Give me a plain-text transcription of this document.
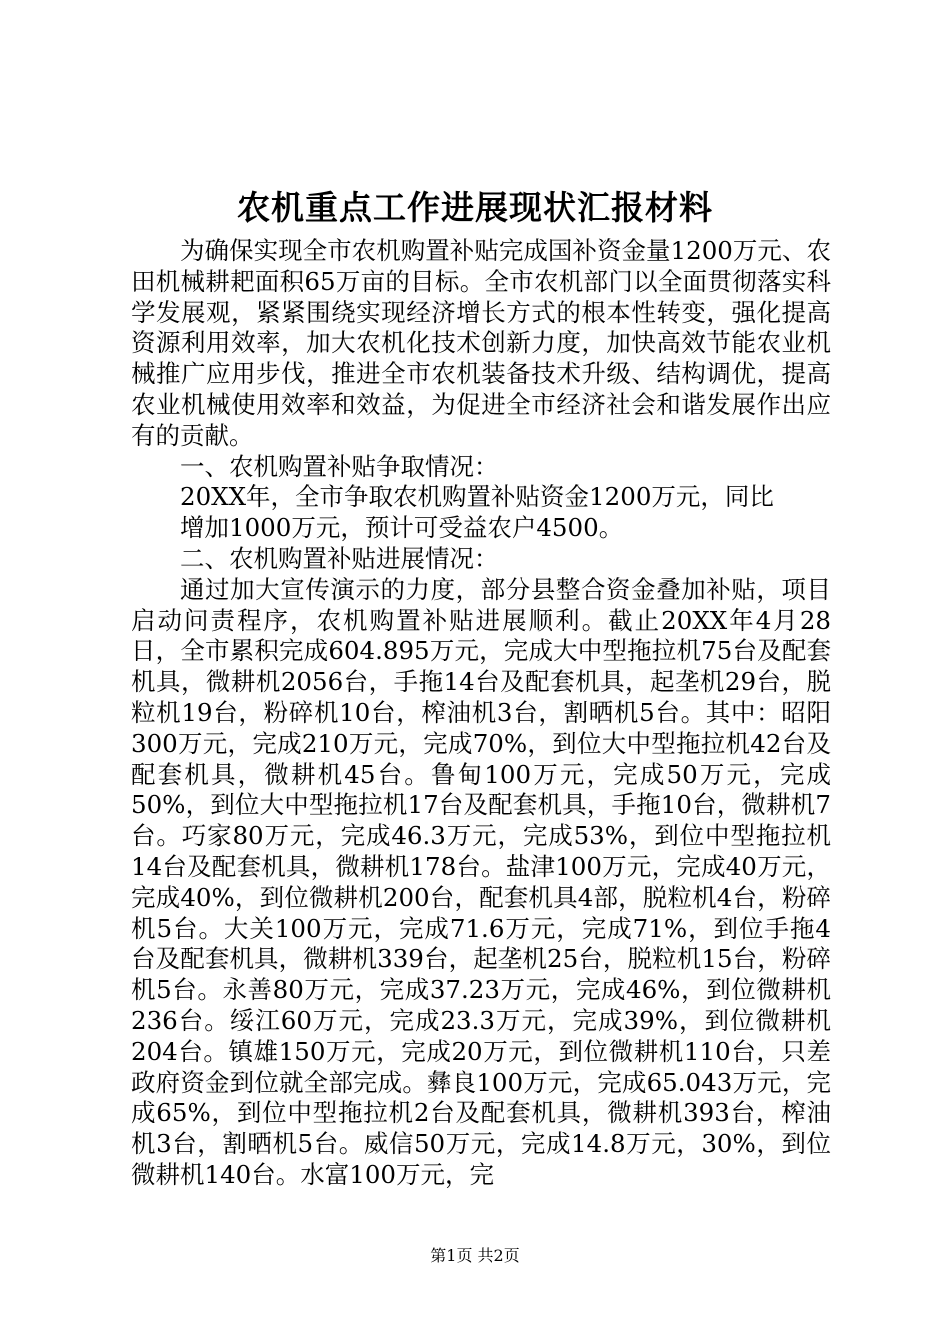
农机重点工作进展现状汇报材料

为确保实现全市农机购置补贴完成国补资金量1200万元、农田机械耕耙面积65万亩的目标。全市农机部门以全面贯彻落实科学发展观，紧紧围绕实现经济增长方式的根本性转变，强化提高资源利用效率，加大农机化技术创新力度，加快高效节能农业机械推广应用步伐，推进全市农机装备技术升级、结构调优，提高农业机械使用效率和效益，为促进全市经济社会和谐发展作出应有的贡献。

一、农机购置补贴争取情况：

20XX年，全市争取农机购置补贴资金1200万元，同比

增加1000万元，预计可受益农户4500。

二、农机购置补贴进展情况：

通过加大宣传演示的力度，部分县整合资金叠加补贴，项目启动问责程序，农机购置补贴进展顺利。截止20XX年4月28日，全市累积完成604.895万元，完成大中型拖拉机75台及配套机具，微耕机2056台，手拖14台及配套机具，起垄机29台，脱粒机19台，粉碎机10台，榨油机3台，割晒机5台。其中：昭阳300万元，完成210万元，完成70%，到位大中型拖拉机42台及配套机具，微耕机45台。鲁甸100万元，完成50万元，完成50%，到位大中型拖拉机17台及配套机具，手拖10台，微耕机7台。巧家80万元，完成46.3万元，完成53%，到位中型拖拉机14台及配套机具，微耕机178台。盐津100万元，完成40万元，完成40%，到位微耕机200台，配套机具4部，脱粒机4台，粉碎机5台。大关100万元，完成71.6万元，完成71%，到位手拖4台及配套机具，微耕机339台，起垄机25台，脱粒机15台，粉碎机5台。永善80万元，完成37.23万元，完成46%，到位微耕机236台。绥江60万元，完成23.3万元，完成39%，到位微耕机204台。镇雄150万元，完成20万元，到位微耕机110台，只差政府资金到位就全部完成。彝良100万元，完成65.043万元，完成65%，到位中型拖拉机2台及配套机具，微耕机393台，榨油机3台，割晒机5台。威信50万元，完成14.8万元，30%，到位微耕机140台。水富100万元，完

第1页 共2页
